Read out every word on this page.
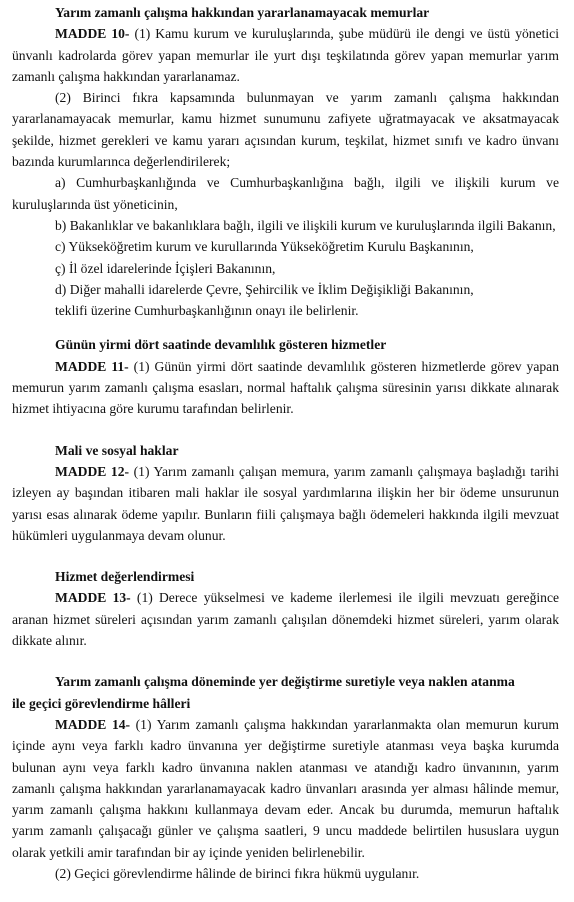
Yarım zamanlı çalışma hakkından yararlanamayacak memurlar
MADDE 10- (1) Kamu kurum ve kuruluşlarında, şube müdürü ile dengi ve üstü yönetici ünvanlı kadrolarda görev yapan memurlar ile yurt dışı teşkilatında görev yapan memurlar yarım zamanlı çalışma hakkından yararlanamaz.
(2) Birinci fıkra kapsamında bulunmayan ve yarım zamanlı çalışma hakkından yararlanamayacak memurlar, kamu hizmet sunumunu zafiyete uğratmayacak ve aksatmayacak şekilde, hizmet gerekleri ve kamu yararı açısından kurum, teşkilat, hizmet sınıfı ve kadro ünvanı bazında kurumlarınca değerlendirilerek;
a) Cumhurbaşkanlığında ve Cumhurbaşkanlığına bağlı, ilgili ve ilişkili kurum ve kuruluşlarında üst yöneticinin,
b) Bakanlıklar ve bakanlıklara bağlı, ilgili ve ilişkili kurum ve kuruluşlarında ilgili Bakanın,
c) Yükseköğretim kurum ve kurullarında Yükseköğretim Kurulu Başkanının,
ç) İl özel idarelerinde İçişleri Bakanının,
d) Diğer mahalli idarelerde Çevre, Şehircilik ve İklim Değişikliği Bakanının,
teklifi üzerine Cumhurbaşkanlığının onayı ile belirlenir.
Günün yirmi dört saatinde devamlılık gösteren hizmetler
MADDE 11- (1) Günün yirmi dört saatinde devamlılık gösteren hizmetlerde görev yapan memurun yarım zamanlı çalışma esasları, normal haftalık çalışma süresinin yarısı dikkate alınarak hizmet ihtiyacına göre kurumu tarafından belirlenir.
Mali ve sosyal haklar
MADDE 12- (1) Yarım zamanlı çalışan memura, yarım zamanlı çalışmaya başladığı tarihi izleyen ay başından itibaren mali haklar ile sosyal yardımlarına ilişkin her bir ödeme unsurunun yarısı esas alınarak ödeme yapılır. Bunların fiili çalışmaya bağlı ödemeleri hakkında ilgili mevzuat hükümleri uygulanmaya devam olunur.
Hizmet değerlendirmesi
MADDE 13- (1) Derece yükselmesi ve kademe ilerlemesi ile ilgili mevzuatı gereğince aranan hizmet süreleri açısından yarım zamanlı çalışılan dönemdeki hizmet süreleri, yarım olarak dikkate alınır.
Yarım zamanlı çalışma döneminde yer değiştirme suretiyle veya naklen atanma
ile geçici görevlendirme hâlleri
MADDE 14- (1) Yarım zamanlı çalışma hakkından yararlanmakta olan memurun kurum içinde aynı veya farklı kadro ünvanına yer değiştirme suretiyle atanması veya başka kurumda bulunan aynı veya farklı kadro ünvanına naklen atanması ve atandığı kadro ünvanının, yarım zamanlı çalışma hakkından yararlanamayacak kadro ünvanları arasında yer alması hâlinde memur, yarım zamanlı çalışma hakkını kullanmaya devam eder. Ancak bu durumda, memurun haftalık yarım zamanlı çalışacağı günler ve çalışma saatleri, 9 uncu maddede belirtilen hususlara uygun olarak yetkili amir tarafından bir ay içinde yeniden belirlenebilir.
(2) Geçici görevlendirme hâlinde de birinci fıkra hükmü uygulanır.
